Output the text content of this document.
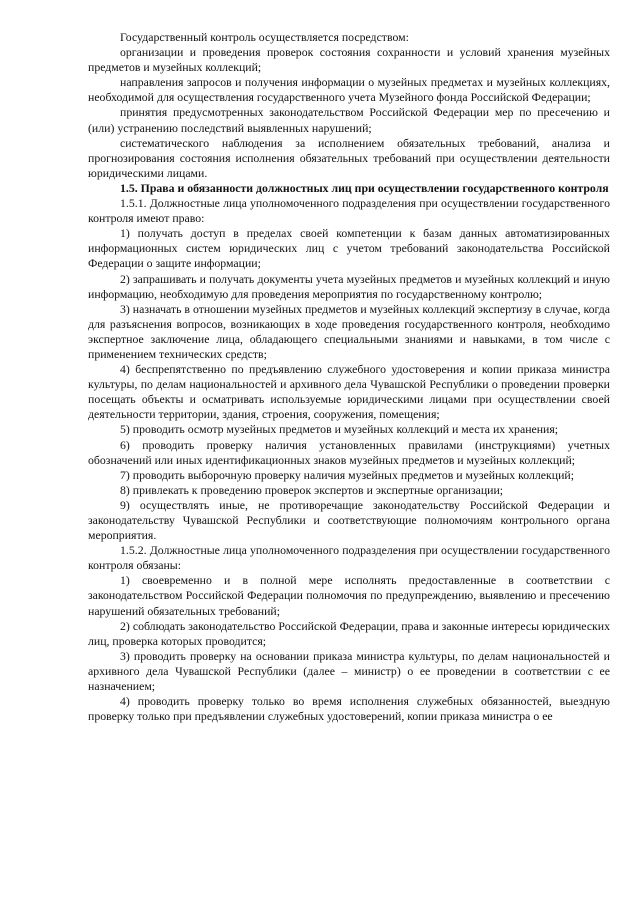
Государственный контроль осуществляется посредством:

организации и проведения проверок состояния сохранности и условий хранения музейных предметов и музейных коллекций;

направления запросов и получения информации о музейных предметах и музейных коллекциях, необходимой для осуществления государственного учета Музейного фонда Российской Федерации;

принятия предусмотренных законодательством Российской Федерации мер по пресечению и (или) устранению последствий выявленных нарушений;

систематического наблюдения за исполнением обязательных требований, анализа и прогнозирования состояния исполнения обязательных требований при осуществлении деятельности юридическими лицами.

1.5. Права и обязанности должностных лиц при осуществлении государственного контроля

1.5.1. Должностные лица уполномоченного подразделения при осуществлении государственного контроля имеют право:

1) получать доступ в пределах своей компетенции к базам данных автоматизированных информационных систем юридических лиц с учетом требований законодательства Российской Федерации о защите информации;

2) запрашивать и получать документы учета музейных предметов и музейных коллекций и иную информацию, необходимую для проведения мероприятия по государственному контролю;

3) назначать в отношении музейных предметов и музейных коллекций экспертизу в случае, когда для разъяснения вопросов, возникающих в ходе проведения государственного контроля, необходимо экспертное заключение лица, обладающего специальными знаниями и навыками, в том числе с применением технических средств;

4) беспрепятственно по предъявлению служебного удостоверения и копии приказа министра культуры, по делам национальностей и архивного дела Чувашской Республики о проведении проверки посещать объекты и осматривать используемые юридическими лицами при осуществлении своей деятельности территории, здания, строения, сооружения, помещения;

5) проводить осмотр музейных предметов и музейных коллекций и места их хранения;

6) проводить проверку наличия установленных правилами (инструкциями) учетных обозначений или иных идентификационных знаков музейных предметов и музейных коллекций;

7) проводить выборочную проверку наличия музейных предметов и музейных коллекций;

8) привлекать к проведению проверок экспертов и экспертные организации;

9) осуществлять иные, не противоречащие законодательству Российской Федерации и законодательству Чувашской Республики и соответствующие полномочиям контрольного органа мероприятия.

1.5.2. Должностные лица уполномоченного подразделения при осуществлении государственного контроля обязаны:

1) своевременно и в полной мере исполнять предоставленные в соответствии с законодательством Российской Федерации полномочия по предупреждению, выявлению и пресечению нарушений обязательных требований;

2) соблюдать законодательство Российской Федерации, права и законные интересы юридических лиц, проверка которых проводится;

3) проводить проверку на основании приказа министра культуры, по делам национальностей и архивного дела Чувашской Республики (далее – министр) о ее проведении в соответствии с ее назначением;

4) проводить проверку только во время исполнения служебных обязанностей, выездную проверку только при предъявлении служебных удостоверений, копии приказа министра о ее
